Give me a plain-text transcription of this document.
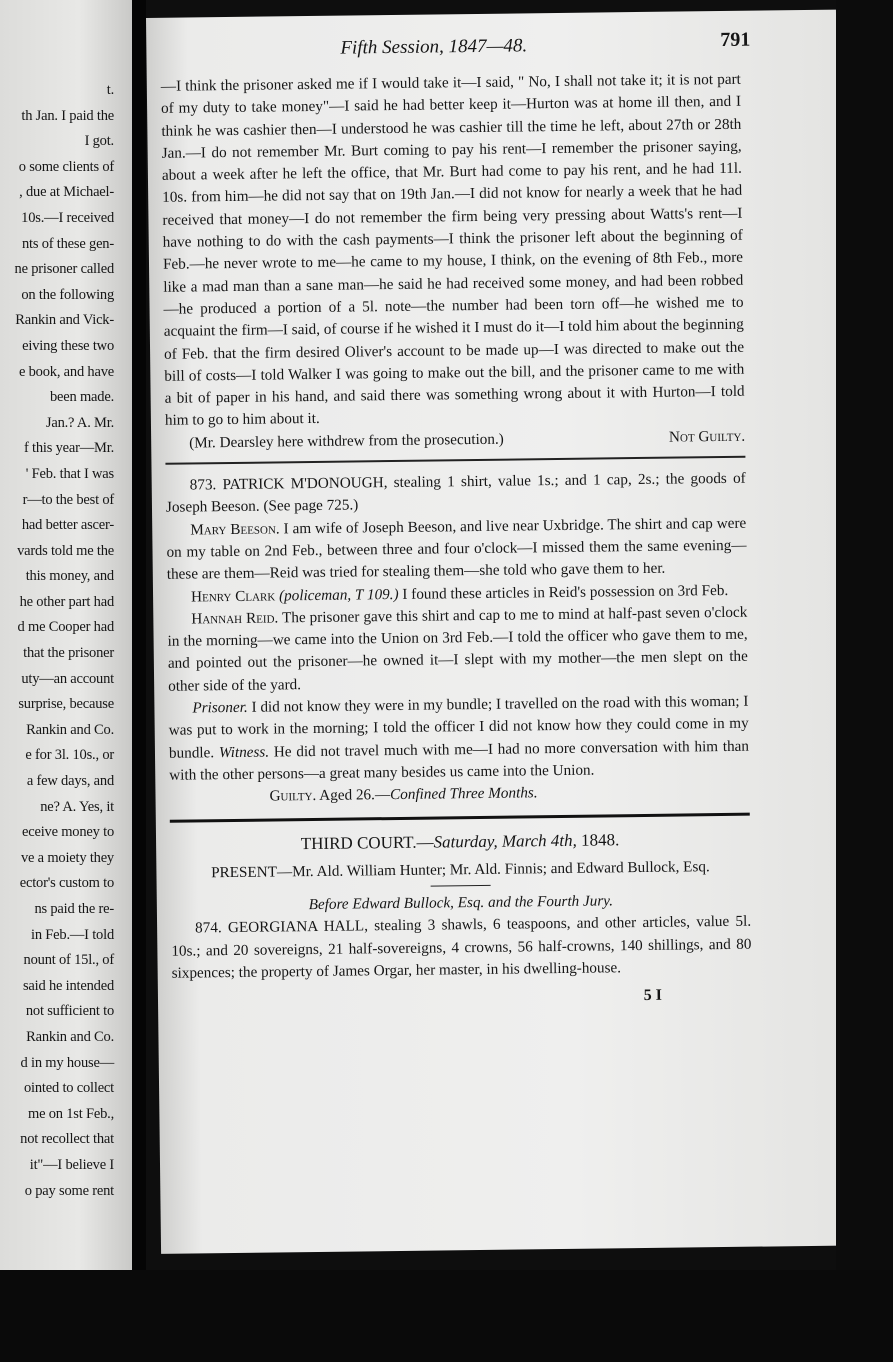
t.
th Jan. I paid the
I got.
o some clients of
, due at Michael-
10s.—I received
nts of these gen-
ne prisoner called
on the following
Rankin and Vick-
eiving these two
e book, and have
been made.
Jan.? A. Mr.
f this year—Mr.
' Feb. that I was
r—to the best of
had better ascer-
vards told me the
this money, and
he other part had
d me Cooper had
that the prisoner
uty—an account
surprise, because
Rankin and Co.
e for 3l. 10s., or
a few days, and
ne? A. Yes, it
eceive money to
ve a moiety they
ector's custom to
ns paid the re-
in Feb.—I told
nount of 15l., of
said he intended
not sufficient to
Rankin and Co.
d in my house—
ointed to collect
me on 1st Feb.,
not recollect that
it"—I believe I
o pay some rent
Fifth Session, 1847—48.	791

—I think the prisoner asked me if I would take it—I said, " No, I shall not take it; it is not part of my duty to take money"—I said he had better keep it—Hurton was at home ill then, and I think he was cashier then—I understood he was cashier till the time he left, about 27th or 28th Jan.—I do not remember Mr. Burt coming to pay his rent—I remember the prisoner saying, about a week after he left the office, that Mr. Burt had come to pay his rent, and he had 11l. 10s. from him—he did not say that on 19th Jan.—I did not know for nearly a week that he had received that money—I do not remember the firm being very pressing about Watts's rent—I have nothing to do with the cash payments—I think the prisoner left about the beginning of Feb.—he never wrote to me—he came to my house, I think, on the evening of 8th Feb., more like a mad man than a sane man—he said he had received some money, and had been robbed—he produced a portion of a 5l. note—the number had been torn off—he wished me to acquaint the firm—I said, of course if he wished it I must do it—I told him about the beginning of Feb. that the firm desired Oliver's account to be made up—I was directed to make out the bill of costs—I told Walker I was going to make out the bill, and the prisoner came to me with a bit of paper in his hand, and said there was something wrong about it with Hurton—I told him to go to him about it.

(Mr. Dearsley here withdrew from the prosecution.)	Not Guilty.

873. PATRICK M'DONOUGH, stealing 1 shirt, value 1s.; and 1 cap, 2s.; the goods of Joseph Beeson. (See page 725.)

Mary Beeson. I am wife of Joseph Beeson, and live near Uxbridge. The shirt and cap were on my table on 2nd Feb., between three and four o'clock—I missed them the same evening—these are them—Reid was tried for stealing them—she told who gave them to her.

Henry Clark (policeman, T 109.) I found these articles in Reid's possession on 3rd Feb.

Hannah Reid. The prisoner gave this shirt and cap to me to mind at half-past seven o'clock in the morning—we came into the Union on 3rd Feb.—I told the officer who gave them to me, and pointed out the prisoner—he owned it—I slept with my mother—the men slept on the other side of the yard.

Prisoner. I did not know they were in my bundle; I travelled on the road with this woman; I was put to work in the morning; I told the officer I did not know how they could come in my bundle. Witness. He did not travel much with me—I had no more conversation with him than with the other persons—a great many besides us came into the Union.

Guilty. Aged 26.—Confined Three Months.

THIRD COURT.—Saturday, March 4th, 1848.

PRESENT—Mr. Ald. William Hunter; Mr. Ald. Finnis; and Edward Bullock, Esq.

Before Edward Bullock, Esq. and the Fourth Jury.

874. GEORGIANA HALL, stealing 3 shawls, 6 teaspoons, and other articles, value 5l. 10s.; and 20 sovereigns, 21 half-sovereigns, 4 crowns, 56 half-crowns, 140 shillings, and 80 sixpences; the property of James Orgar, her master, in his dwelling-house.

5 I
